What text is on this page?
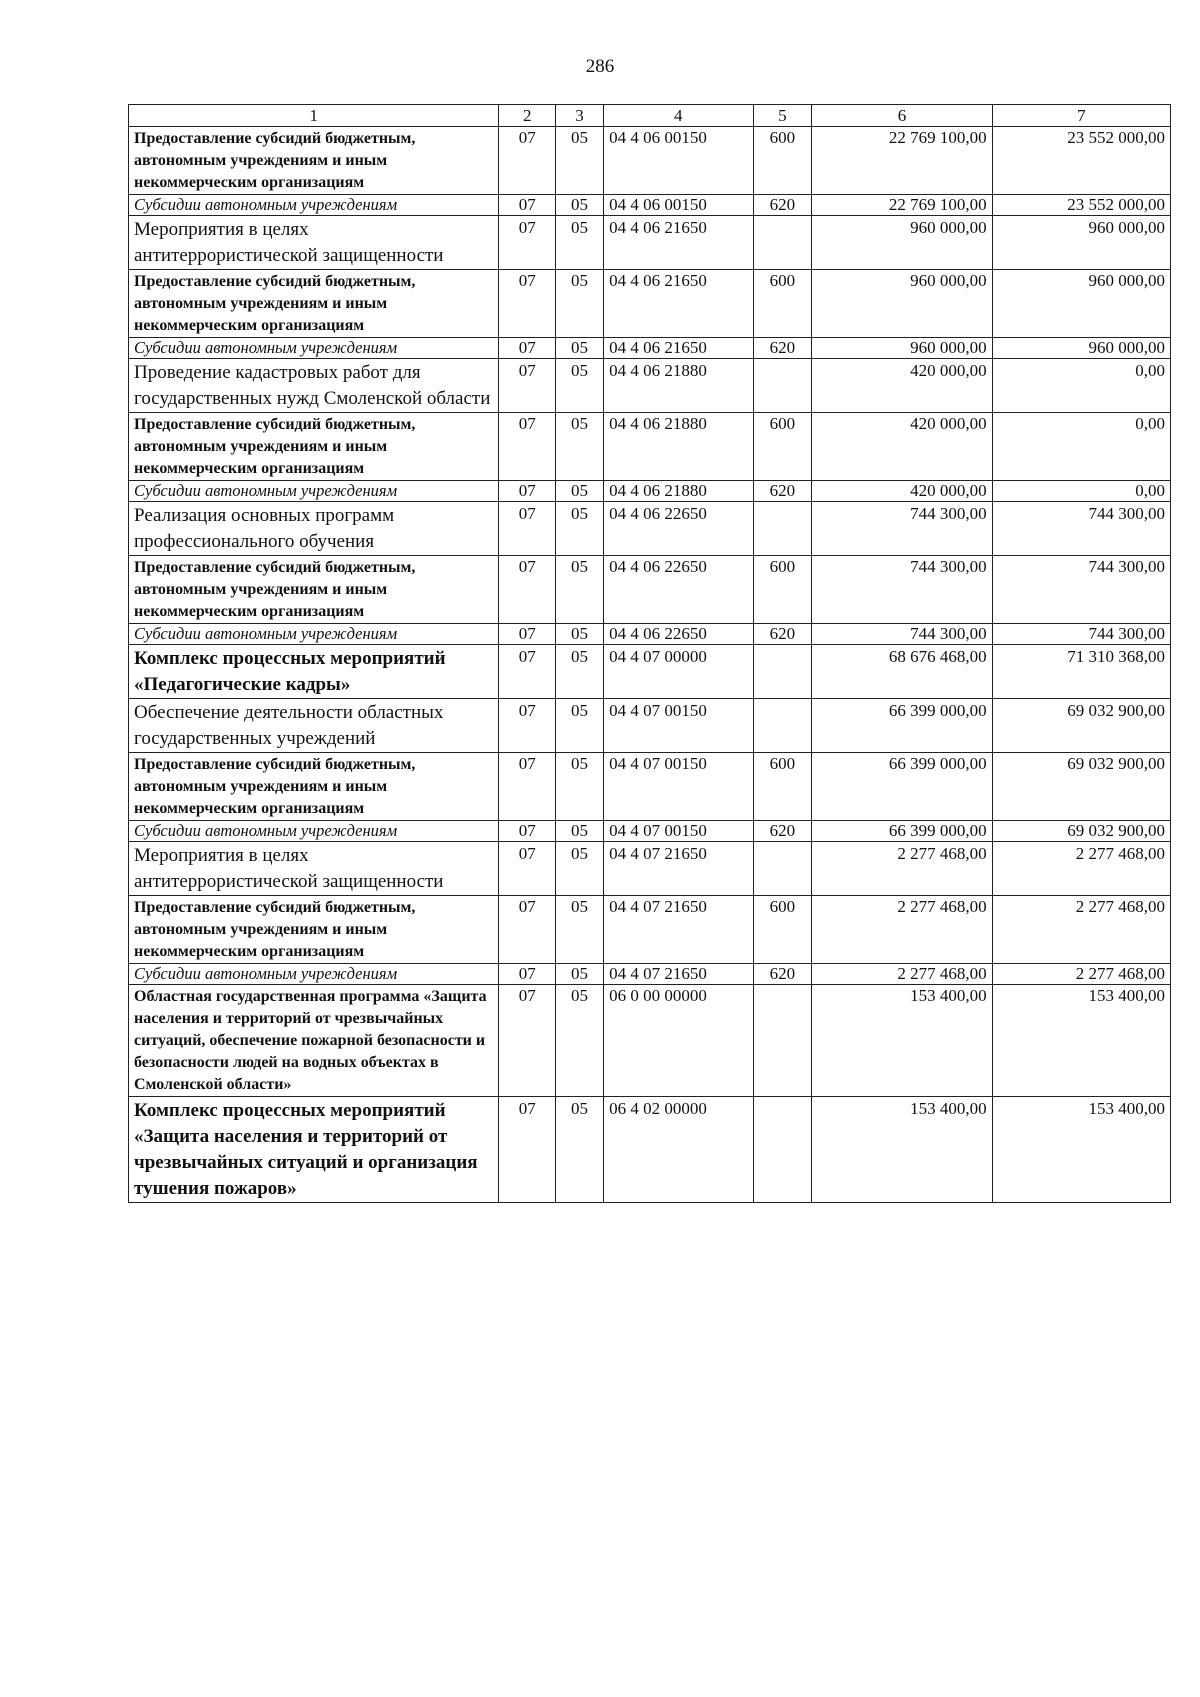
286
1	2	3	4	5	6	7
Предоставление субсидий бюджетным, автономным учреждениям и иным некоммерческим организациям	07	05	04 4 06 00150	600	22 769 100,00	23 552 000,00
Субсидии автономным учреждениям	07	05	04 4 06 00150	620	22 769 100,00	23 552 000,00
Мероприятия в целях антитеррористической защищенности	07	05	04 4 06 21650		960 000,00	960 000,00
Предоставление субсидий бюджетным, автономным учреждениям и иным некоммерческим организациям	07	05	04 4 06 21650	600	960 000,00	960 000,00
Субсидии автономным учреждениям	07	05	04 4 06 21650	620	960 000,00	960 000,00
Проведение кадастровых работ для государственных нужд Смоленской области	07	05	04 4 06 21880		420 000,00	0,00
Предоставление субсидий бюджетным, автономным учреждениям и иным некоммерческим организациям	07	05	04 4 06 21880	600	420 000,00	0,00
Субсидии автономным учреждениям	07	05	04 4 06 21880	620	420 000,00	0,00
Реализация основных программ профессионального обучения	07	05	04 4 06 22650		744 300,00	744 300,00
Предоставление субсидий бюджетным, автономным учреждениям и иным некоммерческим организациям	07	05	04 4 06 22650	600	744 300,00	744 300,00
Субсидии автономным учреждениям	07	05	04 4 06 22650	620	744 300,00	744 300,00
Комплекс процессных мероприятий «Педагогические кадры»	07	05	04 4 07 00000		68 676 468,00	71 310 368,00
Обеспечение деятельности областных государственных учреждений	07	05	04 4 07 00150		66 399 000,00	69 032 900,00
Предоставление субсидий бюджетным, автономным учреждениям и иным некоммерческим организациям	07	05	04 4 07 00150	600	66 399 000,00	69 032 900,00
Субсидии автономным учреждениям	07	05	04 4 07 00150	620	66 399 000,00	69 032 900,00
Мероприятия в целях антитеррористической защищенности	07	05	04 4 07 21650		2 277 468,00	2 277 468,00
Предоставление субсидий бюджетным, автономным учреждениям и иным некоммерческим организациям	07	05	04 4 07 21650	600	2 277 468,00	2 277 468,00
Субсидии автономным учреждениям	07	05	04 4 07 21650	620	2 277 468,00	2 277 468,00
Областная государственная программа «Защита населения и территорий от чрезвычайных ситуаций, обеспечение пожарной безопасности и безопасности людей на водных объектах в Смоленской области»	07	05	06 0 00 00000		153 400,00	153 400,00
Комплекс процессных мероприятий «Защита населения и территорий от чрезвычайных ситуаций и организация тушения пожаров»	07	05	06 4 02 00000		153 400,00	153 400,00
